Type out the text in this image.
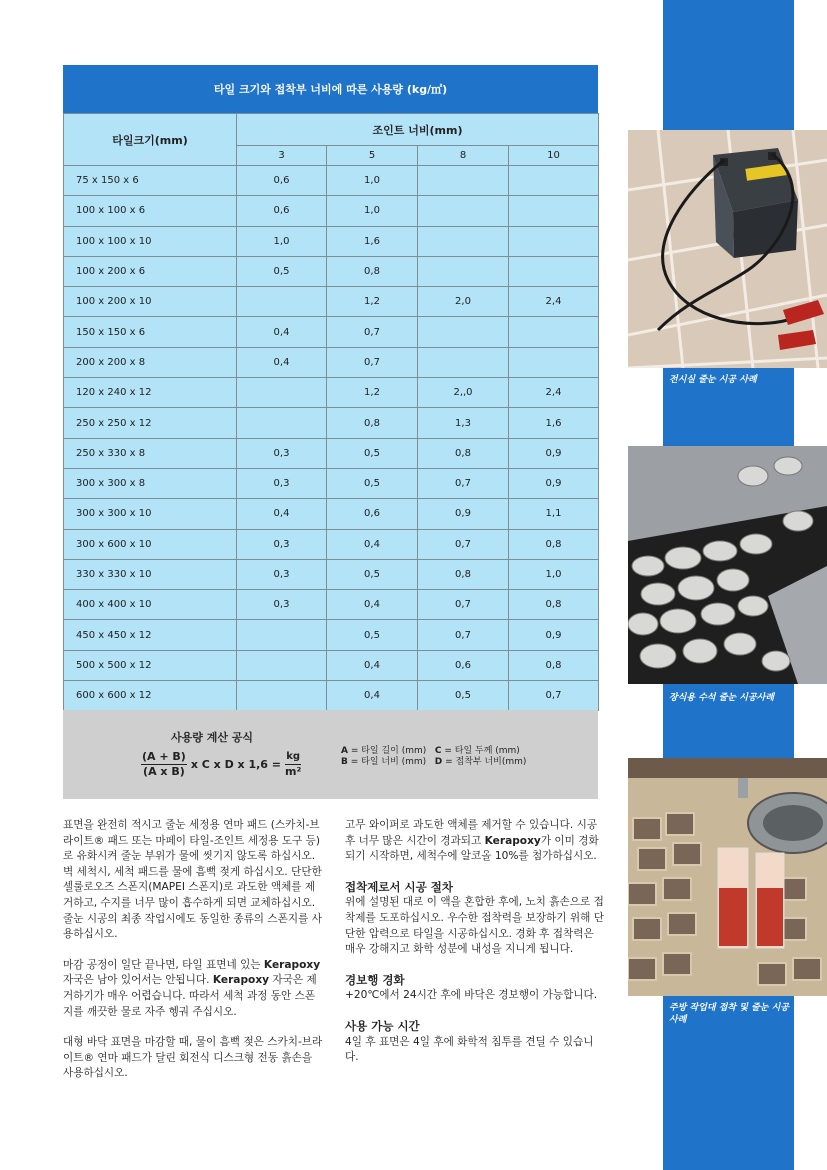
타일 크기와 접착부 너비에 따른 사용량 (kg/㎡)
타일크기(mm)	조인트 너비(mm)			
	3	5	8	10
75 x 150 x 6	0,6	1,0		
100 x 100 x 6	0,6	1,0		
100 x 100 x 10	1,0	1,6		
100 x 200 x 6	0,5	0,8		
100 x 200 x 10		1,2	2,0	2,4
150 x 150 x 6	0,4	0,7		
200 x 200 x 8	0,4	0,7		
120 x 240 x 12		1,2	2,,0	2,4
250 x 250 x 12		0,8	1,3	1,6
250 x 330 x 8	0,3	0,5	0,8	0,9
300 x 300 x 8	0,3	0,5	0,7	0,9
300 x 300 x 10	0,4	0,6	0,9	1,1
300 x 600 x 10	0,3	0,4	0,7	0,8
330 x 330 x 10	0,3	0,5	0,8	1,0
400 x 400 x 10	0,3	0,4	0,7	0,8
450 x 450 x 12		0,5	0,7	0,9
500 x 500 x 12		0,4	0,6	0,8
600 x 600 x 12		0,4	0,5	0,7
사용량 계산 공식
$\frac{(A + B)}{\text{(A x B)}}$ x C x D x $1,6 = \frac{kg}{\text{m²}}$	A = 타일 길이 (mm) C = 타일 두께 (mm)
B = 타일 너비 (mm) D = 접착부 너비(mm)

표면을 완전히 적시고 줄눈 세정용 연마 패드 (스카치-브라이트® 패드 또는 마페이 타일-조인트 세정용 도구 등)로 유화시켜 줄눈 부위가 물에 씻기지 않도록 하십시오. 벽 세척시, 세척 패드를 물에 흠뻑 젖게 하십시오. 단단한 셀룰로오즈 스폰지(MAPEI 스폰지)로 과도한 액체를 제거하고, 수지를 너무 많이 흡수하게 되면 교체하십시오. 줄눈 시공의 최종 작업시에도 동일한 종류의 스폰지를 사용하십시오.

마감 공정이 일단 끝나면, 타일 표면네 있는 Kerapoxy 자국은 남아 있어서는 안됩니다. Kerapoxy 자국은 제거하기가 매우 어렵습니다. 따라서 세척 과정 동안 스폰지를 깨끗한 물로 자주 헹궈 주십시오.

대형 바닥 표면을 마감할 때, 물이 흠뻑 젖은 스카치-브라이트® 연마 패드가 달린 회전식 디스크형 전동 흙손을 사용하십시오.

고무 와이퍼로 과도한 액체를 제거할 수 있습니다. 시공 후 너무 많은 시간이 경과되고 Kerapoxy가 이미 경화되기 시작하면, 세척수에 알코올 10%를 첨가하십시오.

접착제로서 시공 절차

위에 설명된 대로 이 액을 혼합한 후에, 노치 흙손으로 접착제를 도포하십시오. 우수한 접착력을 보장하기 위해 단단한 압력으로 타일을 시공하십시오. 경화 후 접착력은 매우 강해지고 화학 성분에 내성을 지니게 됩니다.

경보행 경화

+20℃에서 24시간 후에 바닥은 경보행이 가능합니다.

사용 가능 시간

4일 후 표면은 4일 후에 화학적 침투를 견딜 수 있습니다.

전시실 줄눈 시공 사례
장식용 수석 줄눈 시공사례
주방 작업대 접착 및 줄눈 시공 사례
